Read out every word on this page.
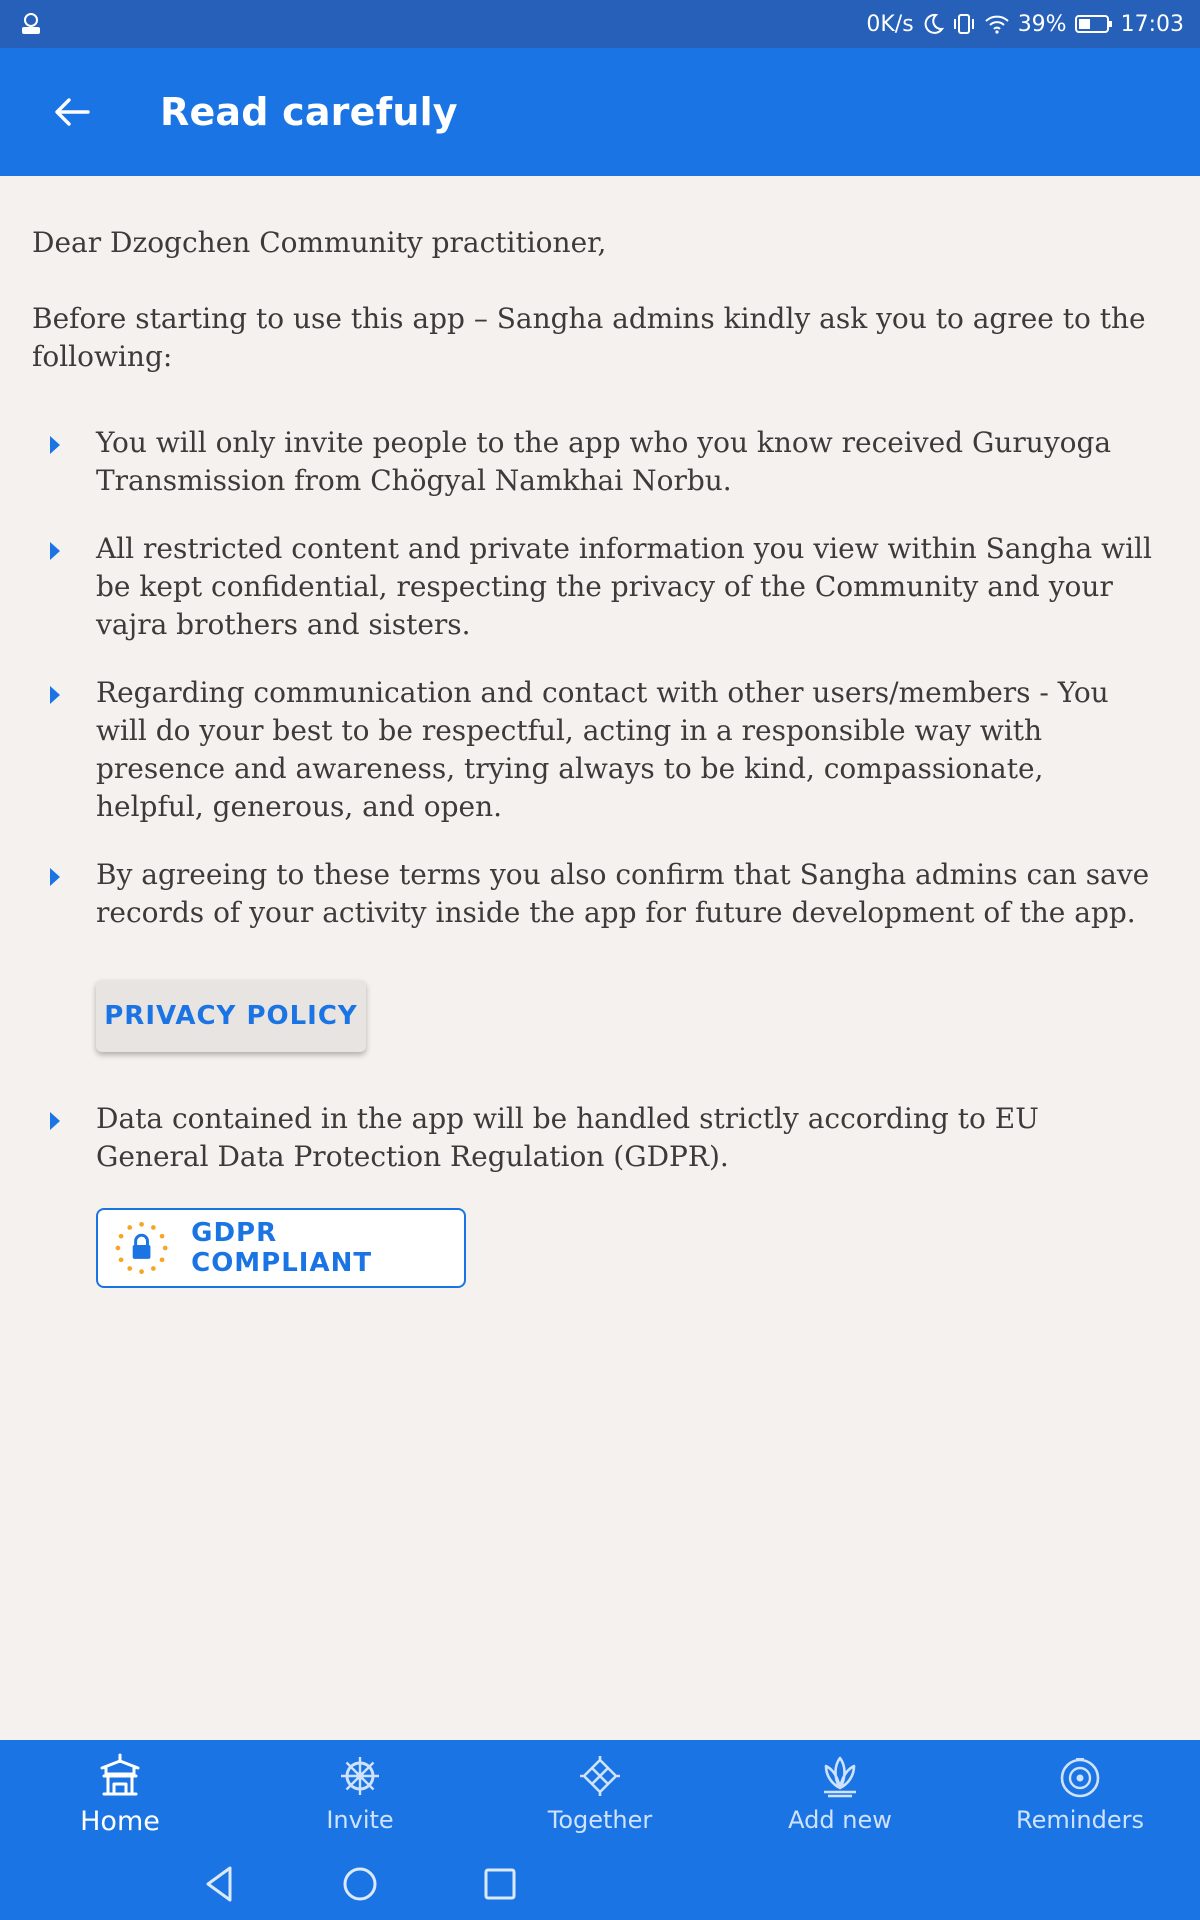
0K/s	39% 17:03
Read carefuly
Dear Dzogchen Community practitioner,
Before starting to use this app – Sangha admins kindly ask you to agree to the following:
You will only invite people to the app who you know received Guruyoga Transmission from Chögyal Namkhai Norbu.
All restricted content and private information you view within Sangha will be kept confidential, respecting the privacy of the Community and your vajra brothers and sisters.
Regarding communication and contact with other users/members - You will do your best to be respectful, acting in a responsible way with presence and awareness, trying always to be kind, compassionate, helpful, generous, and open.
By agreeing to these terms you also confirm that Sangha admins can save records of your activity inside the app for future development of the app.
PRIVACY POLICY
Data contained in the app will be handled strictly according to EU General Data Protection Regulation (GDPR).
GDPR COMPLIANT
Home	Invite	Together	Add new	Reminders
